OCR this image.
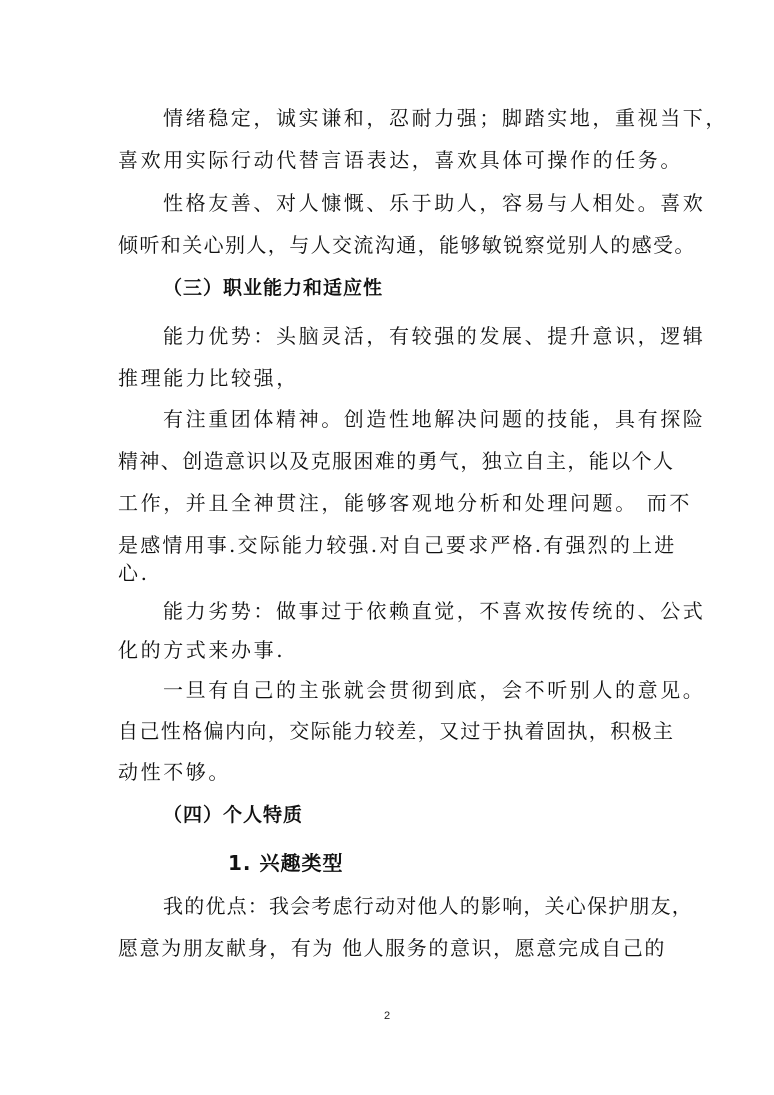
情绪稳定，诚实谦和，忍耐力强；脚踏实地，重视当下，
喜欢用实际行动代替言语表达，喜欢具体可操作的任务。
性格友善、对人慷慨、乐于助人，容易与人相处。喜欢
倾听和关心别人，与人交流沟通，能够敏锐察觉别人的感受。
（三）职业能力和适应性
能力优势：头脑灵活，有较强的发展、提升意识，逻辑
推理能力比较强，
有注重团体精神。创造性地解决问题的技能，具有探险
精神、创造意识以及克服困难的勇气，独立自主，能以个人
工作，并且全神贯注，能够客观地分析和处理问题。 而不
是感情用事.交际能力较强.对自己要求严格.有强烈的上进
心.
能力劣势：做事过于依赖直觉，不喜欢按传统的、公式
化的方式来办事.
一旦有自己的主张就会贯彻到底，会不听别人的意见。
自己性格偏内向，交际能力较差，又过于执着固执，积极主
动性不够。
（四）个人特质
1. 兴趣类型
我的优点：我会考虑行动对他人的影响，关心保护朋友，
愿意为朋友献身，有为 他人服务的意识，愿意完成自己的
2
